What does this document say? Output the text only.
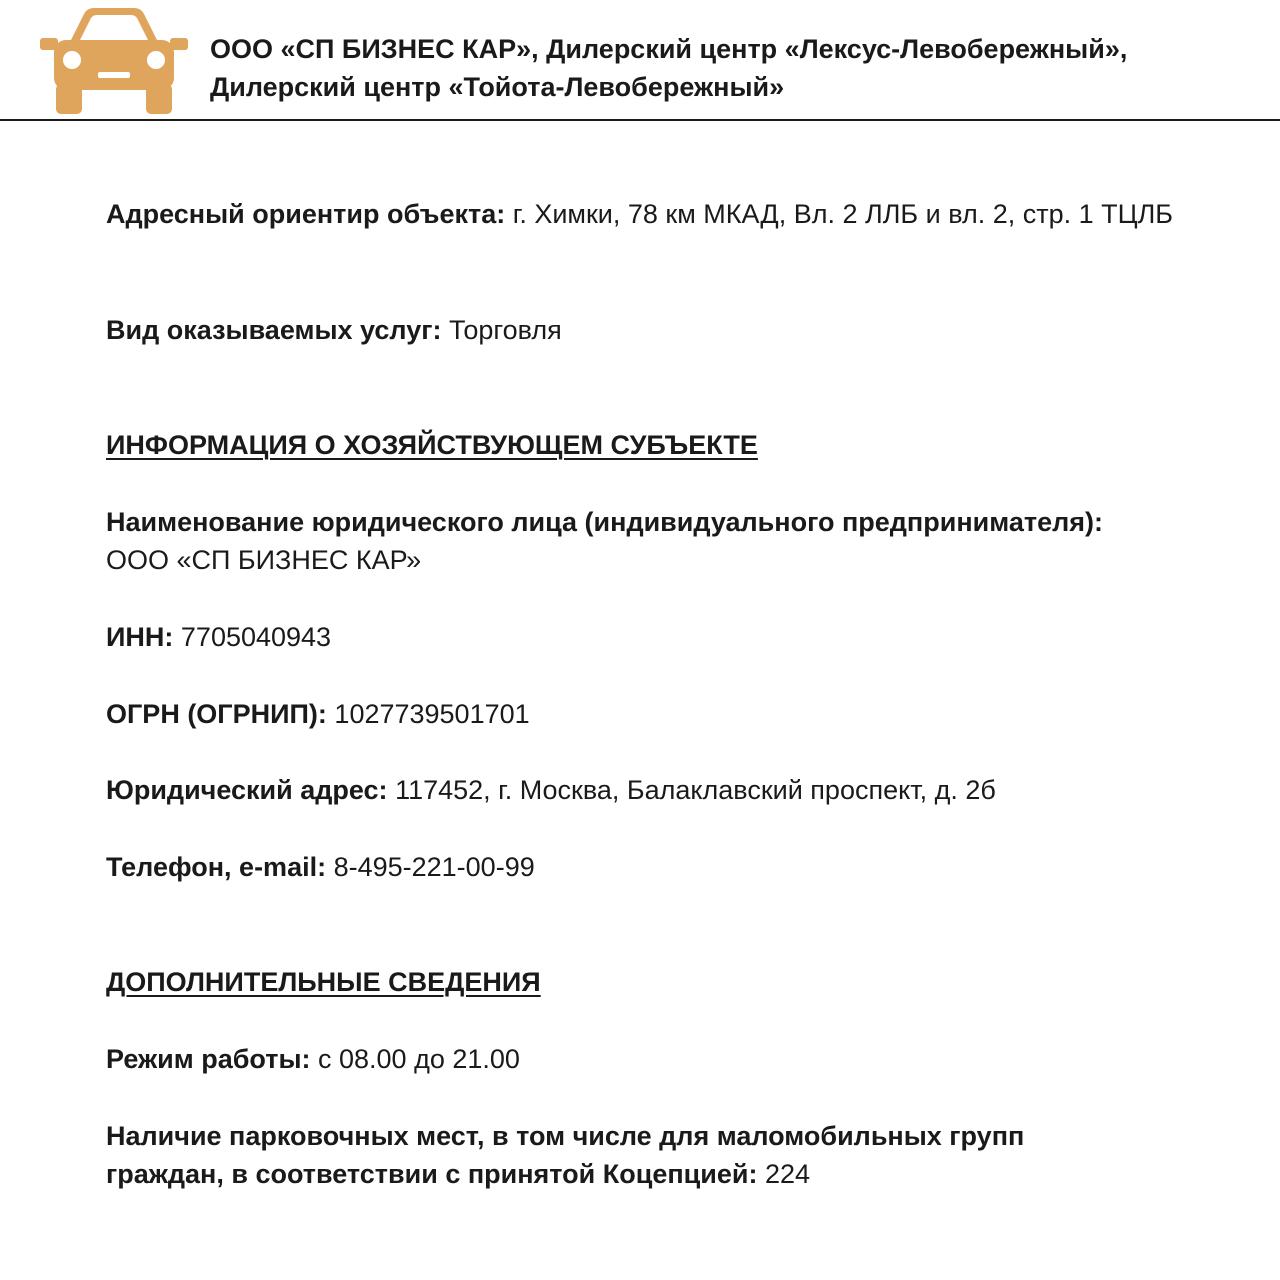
ООО «СП БИЗНЕС КАР», Дилерский центр «Лексус-Левобережный»,
Дилерский центр «Тойота-Левобережный»
Адресный ориентир объекта: г. Химки, 78 км МКАД, Вл. 2 ЛЛБ и вл. 2, стр. 1 ТЦЛБ
Вид оказываемых услуг: Торговля
ИНФОРМАЦИЯ О ХОЗЯЙСТВУЮЩЕМ СУБЪЕКТЕ
Наименование юридического лица (индивидуального предпринимателя):
ООО «СП БИЗНЕС КАР»
ИНН: 7705040943
ОГРН (ОГРНИП): 1027739501701
Юридический адрес: 117452, г. Москва, Балаклавский проспект, д. 2б
Телефон, e-mail: 8-495-221-00-99
ДОПОЛНИТЕЛЬНЫЕ СВЕДЕНИЯ
Режим работы: с 08.00 до 21.00
Наличие парковочных мест, в том числе для маломобильных групп граждан, в соответствии с принятой Коцепцией: 224
